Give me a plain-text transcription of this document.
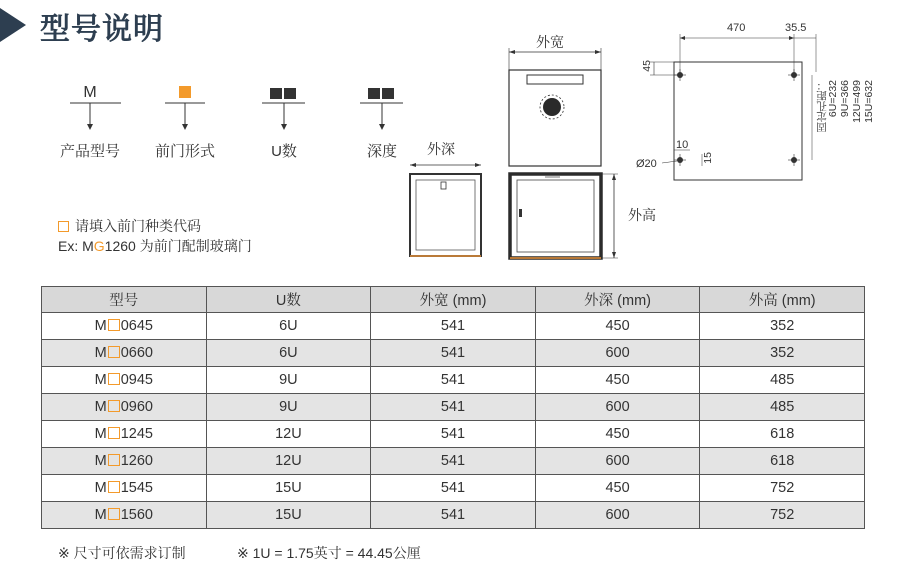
型号说明
M
产品型号	前门形式	U数	深度
请填入前门种类代码
Ex: MG1260 为前门配制玻璃门
外宽
外深
外高
470	35.5
45
10
15
Ø20
固定孔距： 6U=232 9U=366 12U=499 15U=632
型号	U数	外宽 (mm)	外深 (mm)	外高 (mm)
M 0645	6U	541	450	352
M 0660	6U	541	600	352
M 0945	9U	541	450	485
M 0960	9U	541	600	485
M 1245	12U	541	450	618
M 1260	12U	541	600	618
M 1545	15U	541	450	752
M 1560	15U	541	600	752
※ 尺寸可依需求订制	※ 1U = 1.75英寸 = 44.45公厘
